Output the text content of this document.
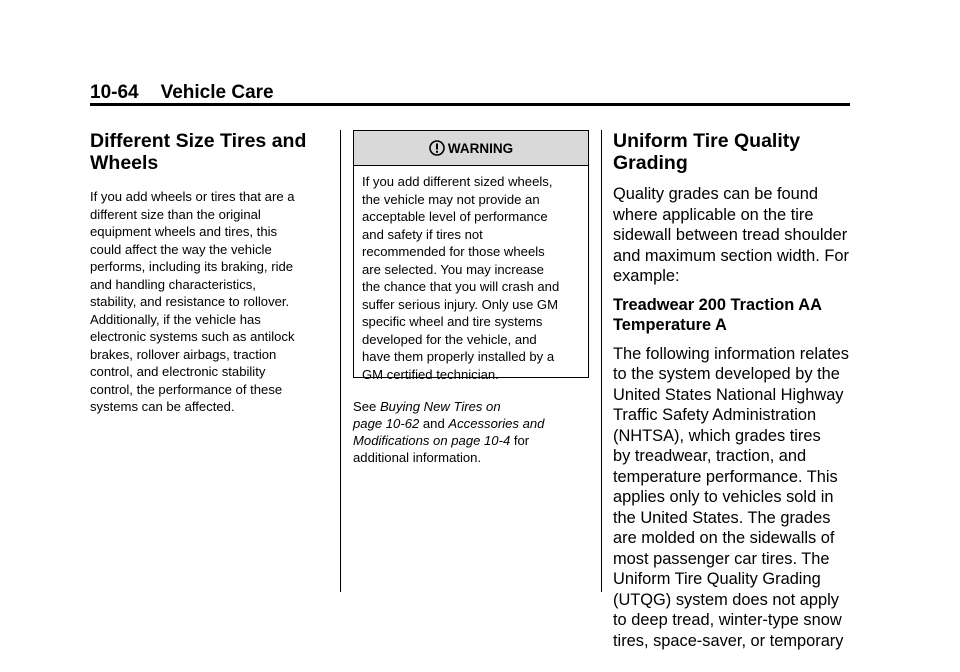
10-64 Vehicle Care
Different Size Tires and
Wheels

If you add wheels or tires that are a
different size than the original
equipment wheels and tires, this
could affect the way the vehicle
performs, including its braking, ride
and handling characteristics,
stability, and resistance to rollover.
Additionally, if the vehicle has
electronic systems such as antilock
brakes, rollover airbags, traction
control, and electronic stability
control, the performance of these
systems can be affected.

WARNING
If you add different sized wheels,
the vehicle may not provide an
acceptable level of performance
and safety if tires not
recommended for those wheels
are selected. You may increase
the chance that you will crash and
suffer serious injury. Only use GM
specific wheel and tire systems
developed for the vehicle, and
have them properly installed by a
GM certified technician.
See Buying New Tires on
page 10-62 and Accessories and
Modifications on page 10-4 for
additional information.
Uniform Tire Quality
Grading

Quality grades can be found
where applicable on the tire
sidewall between tread shoulder
and maximum section width. For
example:

Treadwear 200 Traction AA
Temperature A

The following information relates
to the system developed by the
United States National Highway
Traffic Safety Administration
(NHTSA), which grades tires
by treadwear, traction, and
temperature performance. This
applies only to vehicles sold in
the United States. The grades
are molded on the sidewalls of
most passenger car tires. The
Uniform Tire Quality Grading
(UTQG) system does not apply
to deep tread, winter-type snow
tires, space-saver, or temporary
